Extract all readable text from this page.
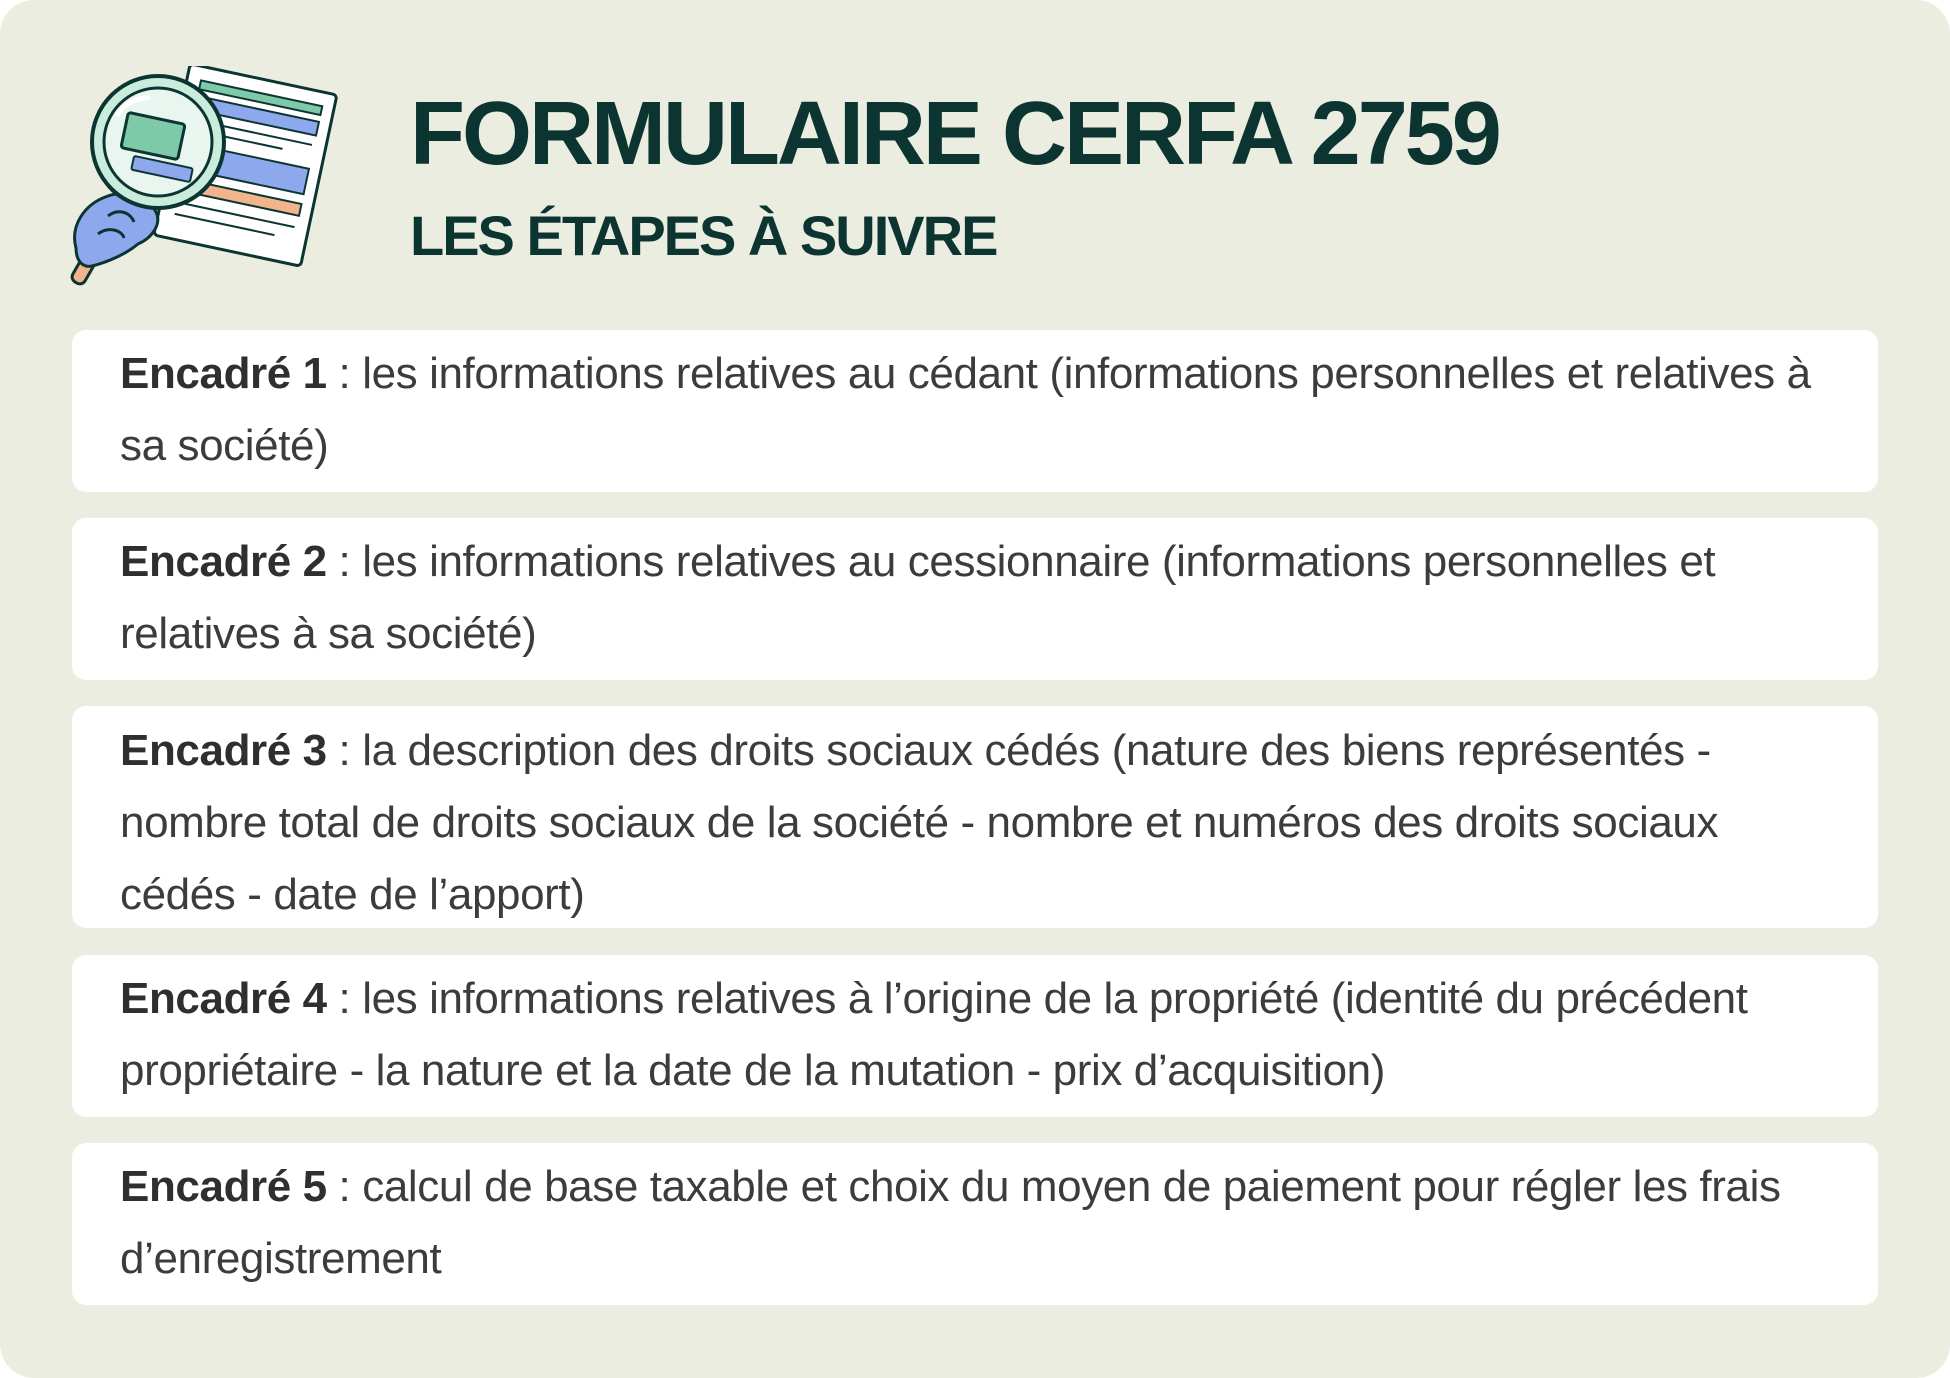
FORMULAIRE CERFA 2759
LES ÉTAPES À SUIVRE

Encadré 1 : les informations relatives au cédant (informations personnelles et relatives à sa société)

Encadré 2 : les informations relatives au cessionnaire (informations personnelles et relatives à sa société)

Encadré 3 : la description des droits sociaux cédés (nature des biens représentés - nombre total de droits sociaux de la société - nombre et numéros des droits sociaux cédés - date de l’apport)

Encadré 4 : les informations relatives à l’origine de la propriété (identité du précédent propriétaire - la nature et la date de la mutation - prix d’acquisition)

Encadré 5 : calcul de base taxable et choix du moyen de paiement pour régler les frais d’enregistrement
